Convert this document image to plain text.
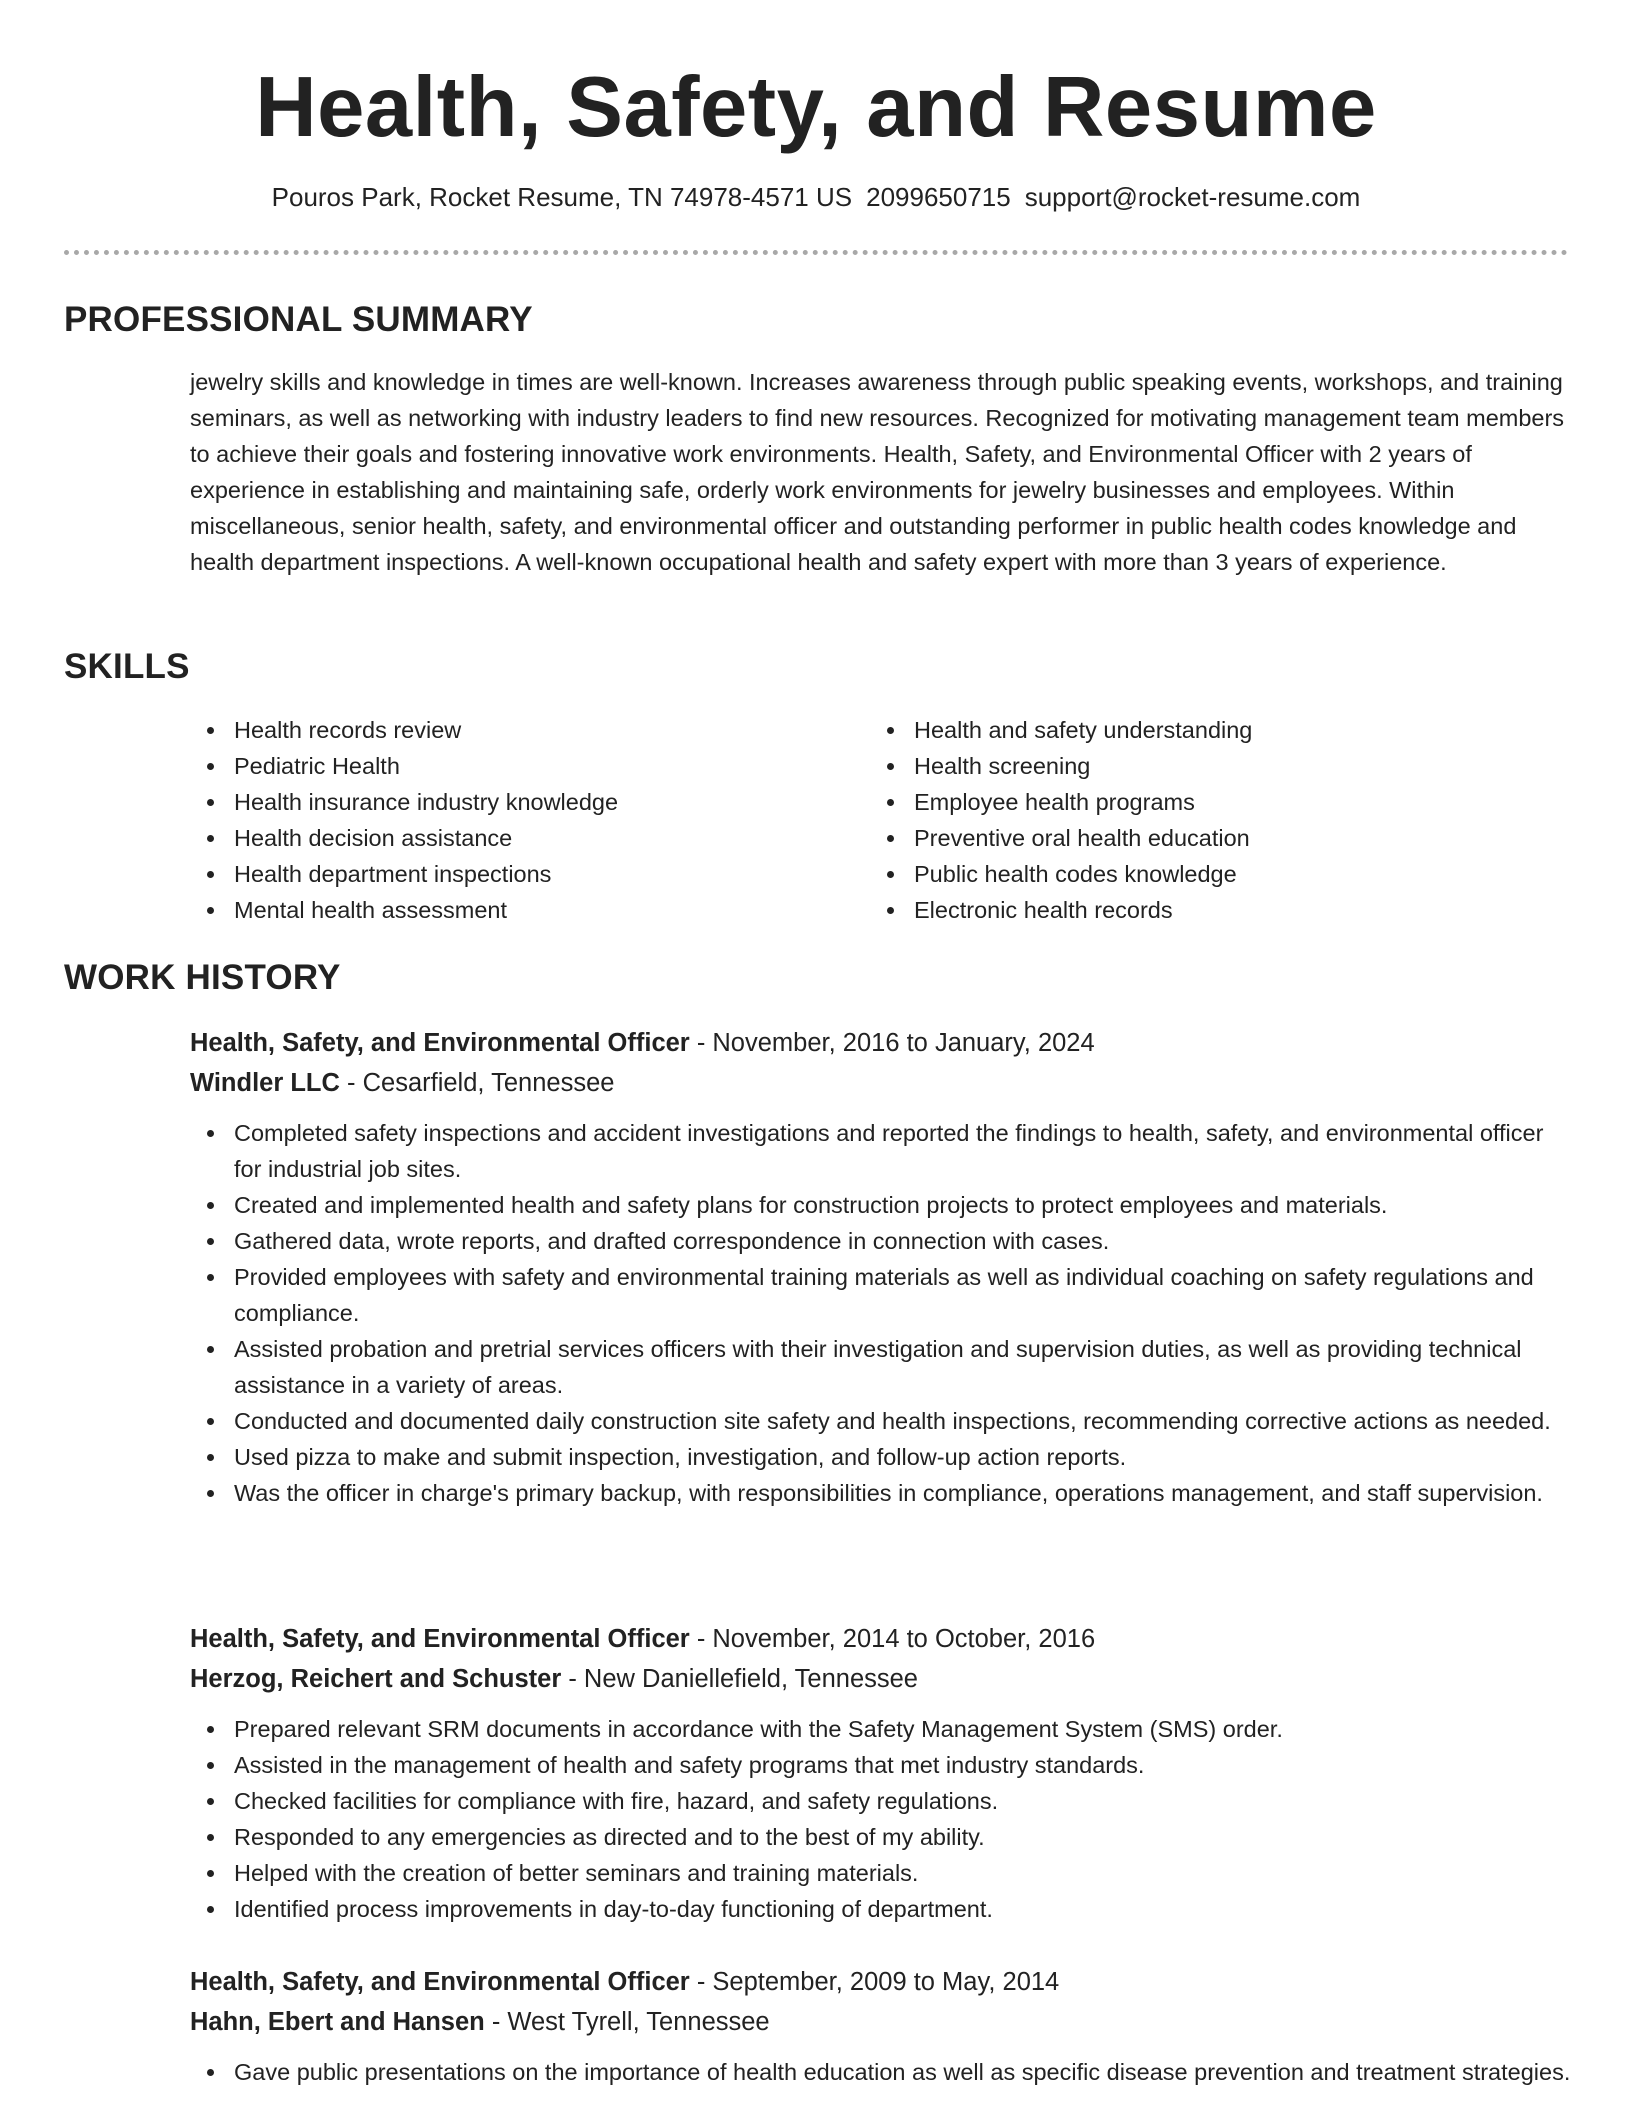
Health, Safety, and Resume
Pouros Park, Rocket Resume, TN 74978-4571 US 2099650715 support@rocket-resume.com
PROFESSIONAL SUMMARY

jewelry skills and knowledge in times are well-known. Increases awareness through public speaking events, workshops, and training seminars, as well as networking with industry leaders to find new resources. Recognized for motivating management team members to achieve their goals and fostering innovative work environments. Health, Safety, and Environmental Officer with 2 years of experience in establishing and maintaining safe, orderly work environments for jewelry businesses and employees. Within miscellaneous, senior health, safety, and environmental officer and outstanding performer in public health codes knowledge and health department inspections. A well-known occupational health and safety expert with more than 3 years of experience.

SKILLS
Health records review
Pediatric Health
Health insurance industry knowledge
Health decision assistance
Health department inspections
Mental health assessment
Health and safety understanding
Health screening
Employee health programs
Preventive oral health education
Public health codes knowledge
Electronic health records
WORK HISTORY
Health, Safety, and Environmental Officer - November, 2016 to January, 2024
Windler LLC - Cesarfield, Tennessee
Completed safety inspections and accident investigations and reported the findings to health, safety, and environmental officer for industrial job sites.
Created and implemented health and safety plans for construction projects to protect employees and materials.
Gathered data, wrote reports, and drafted correspondence in connection with cases.
Provided employees with safety and environmental training materials as well as individual coaching on safety regulations and compliance.
Assisted probation and pretrial services officers with their investigation and supervision duties, as well as providing technical assistance in a variety of areas.
Conducted and documented daily construction site safety and health inspections, recommending corrective actions as needed.
Used pizza to make and submit inspection, investigation, and follow-up action reports.
Was the officer in charge's primary backup, with responsibilities in compliance, operations management, and staff supervision.
Health, Safety, and Environmental Officer - November, 2014 to October, 2016
Herzog, Reichert and Schuster - New Daniellefield, Tennessee
Prepared relevant SRM documents in accordance with the Safety Management System (SMS) order.
Assisted in the management of health and safety programs that met industry standards.
Checked facilities for compliance with fire, hazard, and safety regulations.
Responded to any emergencies as directed and to the best of my ability.
Helped with the creation of better seminars and training materials.
Identified process improvements in day-to-day functioning of department.
Health, Safety, and Environmental Officer - September, 2009 to May, 2014
Hahn, Ebert and Hansen - West Tyrell, Tennessee
Gave public presentations on the importance of health education as well as specific disease prevention and treatment strategies.
